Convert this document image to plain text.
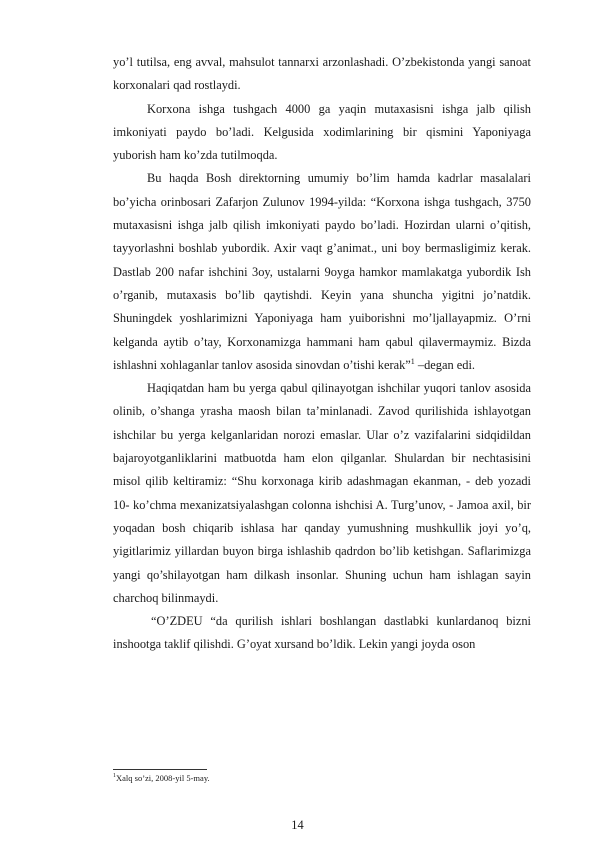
yo’l tutilsa, eng avval, mahsulot tannarxi arzonlashadi. O’zbekistonda yangi sanoat korxonalari qad rostlaydi.

Korxona ishga tushgach 4000 ga yaqin mutaxasisni ishga jalb qilish imkoniyati paydo bo’ladi. Kelgusida xodimlarining bir qismini Yaponiyaga yuborish ham ko’zda tutilmoqda.

Bu haqda Bosh direktorning umumiy bo’lim hamda kadrlar masalalari bo’yicha orinbosari Zafarjon Zulunov 1994-yilda: “Korxona ishga tushgach, 3750 mutaxasisni ishga jalb qilish imkoniyati paydo bo’ladi. Hozirdan ularni o’qitish, tayyorlashni boshlab yubordik. Axir vaqt g’animat., uni boy bermasligimiz kerak. Dastlab 200 nafar ishchini 3oy, ustalarni 9oyga hamkor mamlakatga yubordik Ish o’rganib, mutaxasis bo’lib qaytishdi. Keyin yana shuncha yigitni jo’natdik. Shuningdek yoshlarimizni Yaponiyaga ham yuiborishni mo’ljallayapmiz. O’rni kelganda aytib o’tay, Korxonamizga hammani ham qabul qilavermaymiz. Bizda ishlashni xohlaganlar tanlov asosida sinovdan o’tishi kerak”$^1$ –degan edi.

Haqiqatdan ham bu yerga qabul qilinayotgan ishchilar yuqori tanlov asosida olinib, o’shanga yrasha maosh bilan ta’minlanadi. Zavod qurilishida ishlayotgan ishchilar bu yerga kelganlaridan norozi emaslar. Ular o’z vazifalarini sidqidildan bajaroyotganliklarini matbuotda ham elon qilganlar. Shulardan bir nechtasisini misol qilib keltiramiz: “Shu korxonaga kirib adashmagan ekanman, - deb yozadi 10- ko’chma mexanizatsiyalashgan colonna ishchisi A. Turg’unov, - Jamoa axil, bir yoqadan bosh chiqarib ishlasa har qanday yumushning mushkullik joyi yo’q, yigitlarimiz yillardan buyon birga ishlashib qadrdon bo’lib ketishgan. Saflarimizga yangi qo’shilayotgan ham dilkash insonlar. Shuning uchun ham ishlagan sayin charchoq bilinmaydi.

“O’ZDEU “da qurilish ishlari boshlangan dastlabki kunlardanoq bizni inshootga taklif qilishdi. G’oyat xursand bo’ldik. Lekin yangi joyda oson

$^1$Xalq so’zi, 2008-yil 5-may.
14
